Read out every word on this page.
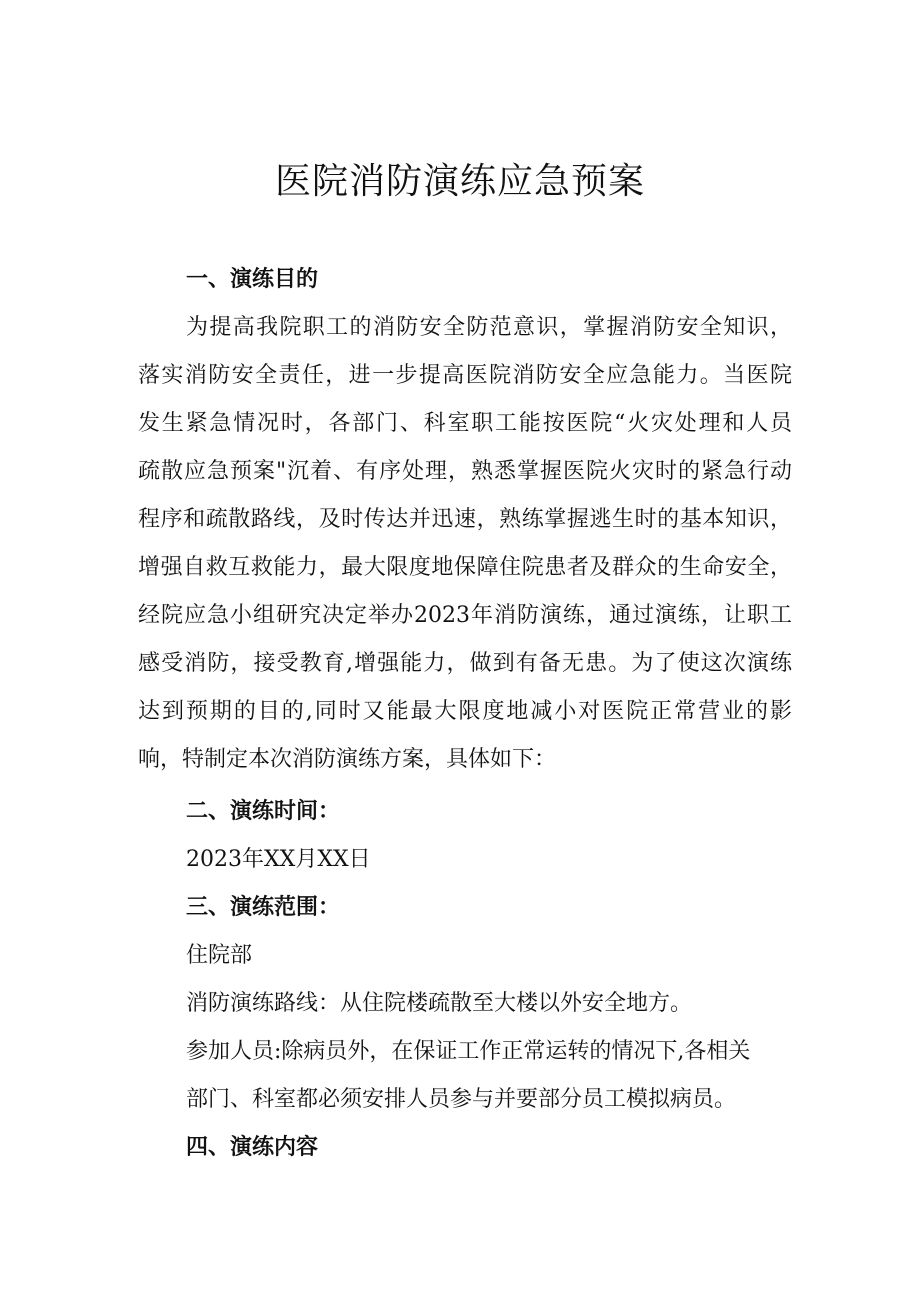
医院消防演练应急预案
一、演练目的
为提高我院职工的消防安全防范意识，掌握消防安全知识，
落实消防安全责任，进一步提高医院消防安全应急能力。当医院
发生紧急情况时，各部门、科室职工能按医院“火灾处理和人员
疏散应急预案"沉着、有序处理，熟悉掌握医院火灾时的紧急行动
程序和疏散路线，及时传达并迅速，熟练掌握逃生时的基本知识，
增强自救互救能力，最大限度地保障住院患者及群众的生命安全，
经院应急小组研究决定举办2023年消防演练，通过演练，让职工
感受消防，接受教育,增强能力，做到有备无患。为了使这次演练
达到预期的目的,同时又能最大限度地减小对医院正常营业的影
响，特制定本次消防演练方案，具体如下：
二、演练时间：
2023年XX月XX日
三、演练范围：
住院部
消防演练路线：从住院楼疏散至大楼以外安全地方。
参加人员:除病员外，在保证工作正常运转的情况下,各相关
部门、科室都必须安排人员参与并要部分员工模拟病员。
四、演练内容
